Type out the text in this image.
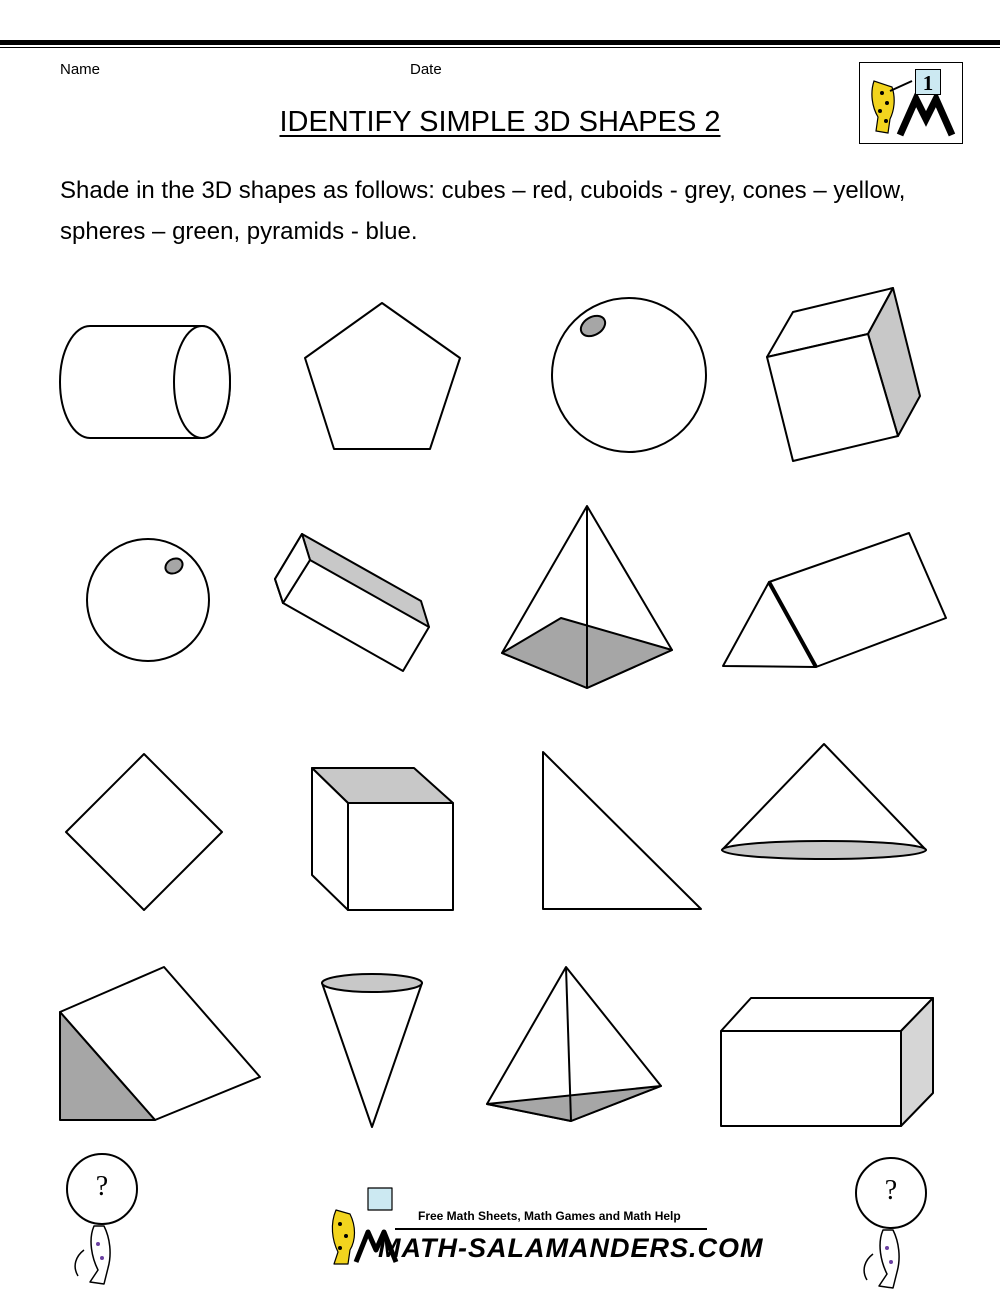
Name	Date
1
IDENTIFY SIMPLE 3D SHAPES 2
Shade in the 3D shapes as follows: cubes – red, cuboids - grey, cones – yellow, spheres – green, pyramids - blue.
?	?
Free Math Sheets, Math Games and Math Help
MATH-SALAMANDERS.COM
